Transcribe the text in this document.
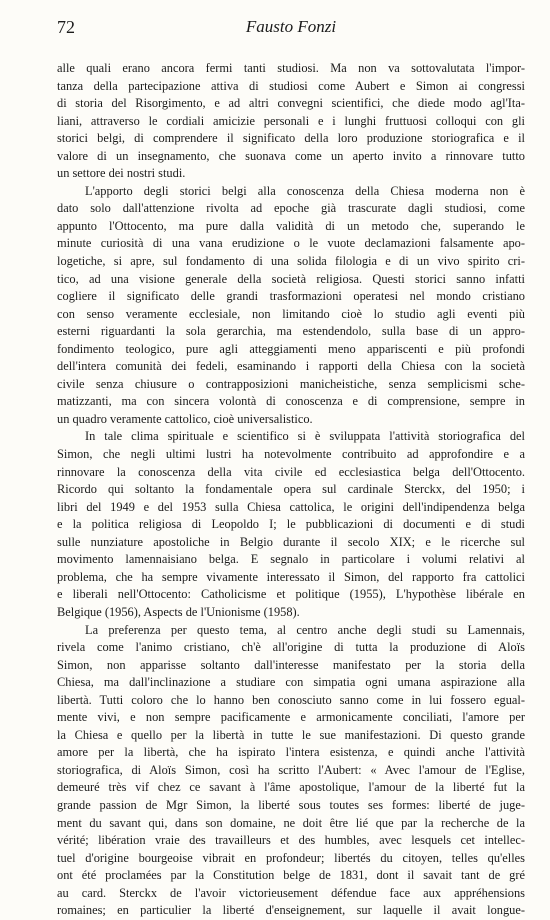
72	Fausto Fonzi
alle quali erano ancora fermi tanti studiosi. Ma non va sottovalutata l'impor-
tanza della partecipazione attiva di studiosi come Aubert e Simon ai congressi
di storia del Risorgimento, e ad altri convegni scientifici, che diede modo agl'Ita-
liani, attraverso le cordiali amicizie personali e i lunghi fruttuosi colloqui con gli
storici belgi, di comprendere il significato della loro produzione storiografica e il
valore di un insegnamento, che suonava come un aperto invito a rinnovare tutto
un settore dei nostri studi.
L'apporto degli storici belgi alla conoscenza della Chiesa moderna non è
dato solo dall'attenzione rivolta ad epoche già trascurate dagli studiosi, come
appunto l'Ottocento, ma pure dalla validità di un metodo che, superando le
minute curiosità di una vana erudizione o le vuote declamazioni falsamente apo-
logetiche, si apre, sul fondamento di una solida filologia e di un vivo spirito cri-
tico, ad una visione generale della società religiosa. Questi storici sanno infatti
cogliere il significato delle grandi trasformazioni operatesi nel mondo cristiano
con senso veramente ecclesiale, non limitando cioè lo studio agli eventi più
esterni riguardanti la sola gerarchia, ma estendendolo, sulla base di un appro-
fondimento teologico, pure agli atteggiamenti meno appariscenti e più profondi
dell'intera comunità dei fedeli, esaminando i rapporti della Chiesa con la società
civile senza chiusure o contrapposizioni manicheistiche, senza semplicismi sche-
matizzanti, ma con sincera volontà di conoscenza e di comprensione, sempre in
un quadro veramente cattolico, cioè universalistico.
In tale clima spirituale e scientifico si è sviluppata l'attività storiografica del
Simon, che negli ultimi lustri ha notevolmente contribuito ad approfondire e a
rinnovare la conoscenza della vita civile ed ecclesiastica belga dell'Ottocento.
Ricordo qui soltanto la fondamentale opera sul cardinale Sterckx, del 1950; i
libri del 1949 e del 1953 sulla Chiesa cattolica, le origini dell'indipendenza belga
e la politica religiosa di Leopoldo I; le pubblicazioni di documenti e di studi
sulle nunziature apostoliche in Belgio durante il secolo XIX; e le ricerche sul
movimento lamennaisiano belga. E segnalo in particolare i volumi relativi al
problema, che ha sempre vivamente interessato il Simon, del rapporto fra cattolici
e liberali nell'Ottocento: Catholicisme et politique (1955), L'hypothèse libérale en
Belgique (1956), Aspects de l'Unionisme (1958).
La preferenza per questo tema, al centro anche degli studi su Lamennais,
rivela come l'animo cristiano, ch'è all'origine di tutta la produzione di Aloïs
Simon, non apparisse soltanto dall'interesse manifestato per la storia della
Chiesa, ma dall'inclinazione a studiare con simpatia ogni umana aspirazione alla
libertà. Tutti coloro che lo hanno ben conosciuto sanno come in lui fossero egual-
mente vivi, e non sempre pacificamente e armonicamente conciliati, l'amore per
la Chiesa e quello per la libertà in tutte le sue manifestazioni. Di questo grande
amore per la libertà, che ha ispirato l'intera esistenza, e quindi anche l'attività
storiografica, di Aloïs Simon, così ha scritto l'Aubert: « Avec l'amour de l'Eglise,
demeuré très vif chez ce savant à l'âme apostolique, l'amour de la liberté fut la
grande passion de Mgr Simon, la liberté sous toutes ses formes: liberté de juge-
ment du savant qui, dans son domaine, ne doit être lié que par la recherche de la
vérité; libération vraie des travailleurs et des humbles, avec lesquels cet intellec-
tuel d'origine bourgeoise vibrait en profondeur; libertés du citoyen, telles qu'elles
ont été proclamées par la Constitution belge de 1831, dont il savait tant de gré
au card. Sterckx de l'avoir victorieusement défendue face aux appréhensions
romaines; en particulier la liberté d'enseignement, sur laquelle il avait longue-
